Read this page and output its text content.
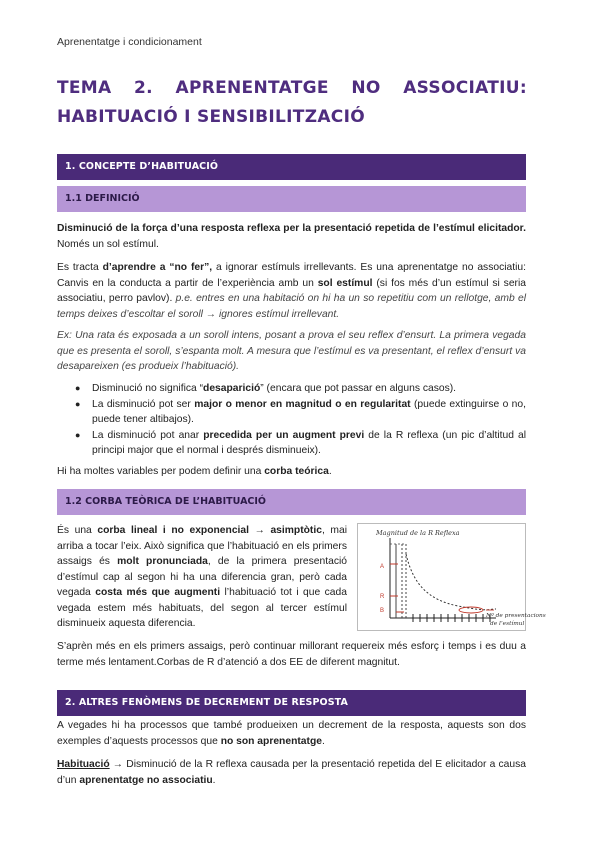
Aprenentatge i condicionament
TEMA 2. APRENENTATGE NO ASSOCIATIU: HABITUACIÓ I SENSIBILITZACIÓ
1. CONCEPTE D’HABITUACIÓ
1.1 DEFINICIÓ
Disminució de la força d’una resposta reflexa per la presentació repetida de l’estímul elicitador. Només un sol estímul.
Es tracta d’aprendre a “no fer”, a ignorar estímuls irrellevants. Es una aprenentatge no associatiu: Canvis en la conducta a partir de l’experiència amb un sol estímul (si fos més d’un estímul si seria associatiu, perro pavlov). p.e. entres en una habitació on hi ha un so repetitiu com un rellotge, amb el temps deixes d’escoltar el soroll → ignores estímul irrellevant.
Ex: Una rata és exposada a un soroll intens, posant a prova el seu reflex d’ensurt. La primera vegada que es presenta el soroll, s’espanta molt. A mesura que l’estímul es va presentant, el reflex d’ensurt va desapareixen (es produeix l’habituació).
● Disminució no significa “desaparició” (encara que pot passar en alguns casos).
● La disminució pot ser major o menor en magnitud o en regularitat (puede extinguirse o no, puede tener altibajos).
● La disminució pot anar precedida per un augment previ de la R reflexa (un pic d’altitud al principi major que el normal i després disminueix).
Hi ha moltes variables per podem definir una corba teórica.
1.2 CORBA TEÒRICA DE L’HABITUACIÓ
És una corba lineal i no exponencial → asimptòtic, mai arriba a tocar l’eix. Això significa que l’habituació en els primers assaigs és molt pronunciada, de la primera presentació d’estímul cap al segon hi ha una diferencia gran, però cada vegada costa més que augmenti l’habituació tot i que cada vegada estem més habituats, del segon al tercer estímul disminueix aquesta diferencia.
Magnitud de la R Reflexa
A
R
B
Nº de presentacions
de l’estímul
S’aprèn més en els primers assaigs, però continuar millorant requereix més esforç i temps i es duu a terme més lentament.Corbas de R d’atenció a dos EE de diferent magnitut.
2. ALTRES FENÒMENS DE DECREMENT DE RESPOSTA
A vegades hi ha processos que també produeixen un decrement de la resposta, aquests son dos exemples d’aquests processos que no son aprenentatge.
Habituació → Disminució de la R reflexa causada per la presentació repetida del E elicitador a causa d’un aprenentatge no associatiu.
